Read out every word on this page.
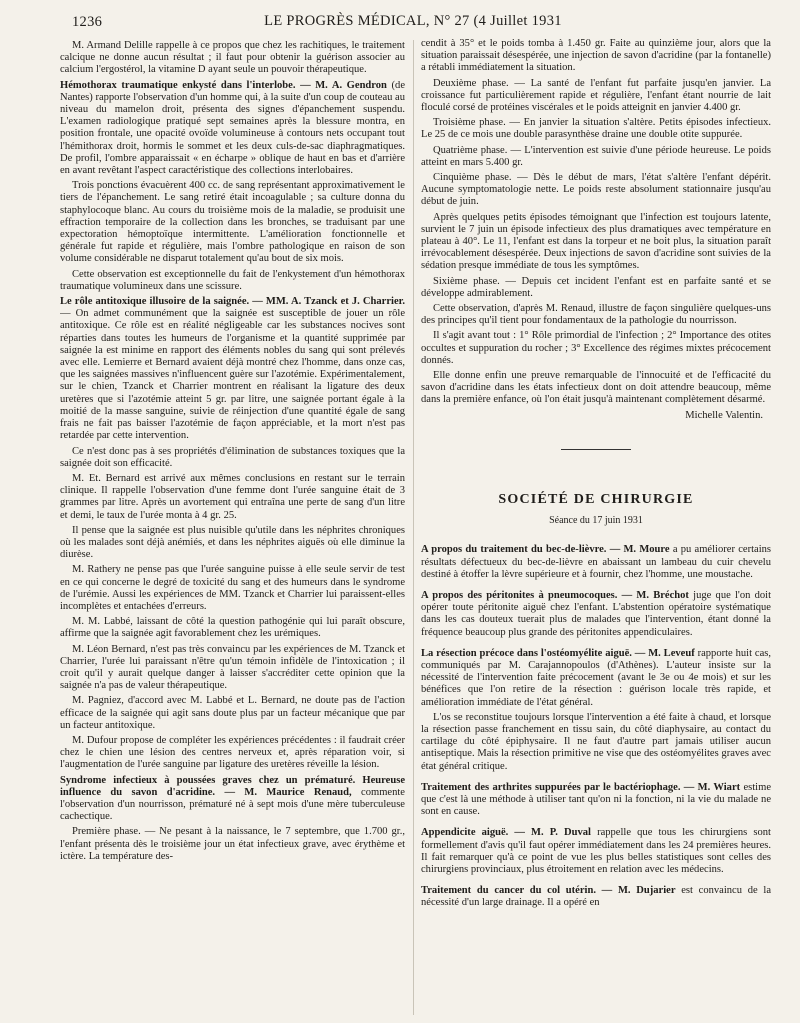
1236	LE PROGRÈS MÉDICAL, N° 27 (4 Juillet 1931

M. Armand Delille rappelle à ce propos que chez les rachitiques, le traitement calcique ne donne aucun résultat ; il faut pour obtenir la guérison associer au calcium l'ergostérol, la vitamine D ayant seule un pouvoir thérapeutique.

Hémothorax traumatique enkysté dans l'interlobe. — M. A. Gendron (de Nantes) rapporte l'observation d'un homme qui, à la suite d'un coup de couteau au niveau du mamelon droit, présenta des signes d'épanchement suspendu. L'examen radiologique pratiqué sept semaines après la blessure montra, en position frontale, une opacité ovoïde volumineuse à contours nets occupant tout l'hémithorax droit, hormis le sommet et les deux culs-de-sac diaphragmatiques. De profil, l'ombre apparaissait « en écharpe » oblique de haut en bas et d'arrière en avant revêtant l'aspect caractéristique des collections interlobaires.

Trois ponctions évacuèrent 400 cc. de sang représentant approximativement le tiers de l'épanchement. Le sang retiré était incoagulable ; sa culture donna du staphylocoque blanc. Au cours du troisième mois de la maladie, se produisit une effraction temporaire de la collection dans les bronches, se traduisant par une expectoration hémoptoïque intermittente. L'amélioration fonctionnelle et générale fut rapide et régulière, mais l'ombre pathologique en raison de son volume considérable ne disparut totalement qu'au bout de six mois.

Cette observation est exceptionnelle du fait de l'enkystement d'un hémothorax traumatique volumineux dans une scissure.

Le rôle antitoxique illusoire de la saignée. — MM. A. Tzanck et J. Charrier. — On admet communément que la saignée est susceptible de jouer un rôle antitoxique. Ce rôle est en réalité négligeable car les substances nocives sont réparties dans toutes les humeurs de l'organisme et la quantité supprimée par saignée la est minime en rapport des éléments nobles du sang qui sont prélevés avec elle. Lemierre et Bernard avaient déjà montré chez l'homme, dans onze cas, que les saignées massives n'influencent guère sur l'azotémie. Expérimentalement, sur le chien, Tzanck et Charrier montrent en réalisant la ligature des deux uretères que si l'azotémie atteint 5 gr. par litre, une saignée portant égale à la moitié de la masse sanguine, suivie de réinjection d'une quantité égale de sang frais ne fait pas baisser l'azotémie de façon appréciable, et la mort n'est pas retardée par cette intervention.

Ce n'est donc pas à ses propriétés d'élimination de substances toxiques que la saignée doit son efficacité.

M. Et. Bernard est arrivé aux mêmes conclusions en restant sur le terrain clinique. Il rappelle l'observation d'une femme dont l'urée sanguine était de 3 grammes par litre. Après un avortement qui entraîna une perte de sang d'un litre et demi, le taux de l'urée monta à 4 gr. 25.

Il pense que la saignée est plus nuisible qu'utile dans les néphrites chroniques où les malades sont déjà anémiés, et dans les néphrites aiguës où elle diminue la diurèse.

M. Rathery ne pense pas que l'urée sanguine puisse à elle seule servir de test en ce qui concerne le degré de toxicité du sang et des humeurs dans le syndrome de l'urémie. Aussi les expériences de MM. Tzanck et Charrier lui paraissent-elles incomplètes et entachées d'erreurs.

M. M. Labbé, laissant de côté la question pathogénie qui lui paraît obscure, affirme que la saignée agit favorablement chez les urémiques.

M. Léon Bernard, n'est pas très convaincu par les expériences de M. Tzanck et Charrier, l'urée lui paraissant n'être qu'un témoin infidèle de l'intoxication ; il croit qu'il y aurait quelque danger à laisser s'accréditer cette opinion que la saignée n'a pas de valeur thérapeutique.

M. Pagniez, d'accord avec M. Labbé et L. Bernard, ne doute pas de l'action efficace de la saignée qui agit sans doute plus par un facteur mécanique que par un facteur antitoxique.

M. Dufour propose de compléter les expériences précédentes : il faudrait créer chez le chien une lésion des centres nerveux et, après réparation voir, si l'augmentation de l'urée sanguine par ligature des uretères réveille la lésion.

Syndrome infectieux à poussées graves chez un prématuré. Heureuse influence du savon d'acridine. — M. Maurice Renaud, commente l'observation d'un nourrisson, prématuré né à sept mois d'une mère tuberculeuse cachectique.

Première phase. — Ne pesant à la naissance, le 7 septembre, que 1.700 gr., l'enfant présenta dès le troisième jour un état infectieux grave, avec érythème et ictère. La température des-

cendit à 35° et le poids tomba à 1.450 gr. Faite au quinzième jour, alors que la situation paraissait désespérée, une injection de savon d'acridine (par la fontanelle) a rétabli immédiatement la situation.

Deuxième phase. — La santé de l'enfant fut parfaite jusqu'en janvier. La croissance fut particulièrement rapide et régulière, l'enfant étant nourrie de lait floculé corsé de protéines viscérales et le poids atteignit en janvier 4.400 gr.

Troisième phase. — En janvier la situation s'altère. Petits épisodes infectieux. Le 25 de ce mois une double parasynthèse draine une double otite suppurée.

Quatrième phase. — L'intervention est suivie d'une période heureuse. Le poids atteint en mars 5.400 gr.

Cinquième phase. — Dès le début de mars, l'état s'altère l'enfant dépérit. Aucune symptomatologie nette. Le poids reste absolument stationnaire jusqu'au début de juin.

Après quelques petits épisodes témoignant que l'infection est toujours latente, survient le 7 juin un épisode infectieux des plus dramatiques avec température en plateau à 40°. Le 11, l'enfant est dans la torpeur et ne boit plus, la situation paraît irrévocablement désespérée. Deux injections de savon d'acridine sont suivies de la sédation presque immédiate de tous les symptômes.

Sixième phase. — Depuis cet incident l'enfant est en parfaite santé et se développe admirablement.

Cette observation, d'après M. Renaud, illustre de façon singulière quelques-uns des principes qu'il tient pour fondamentaux de la pathologie du nourrisson.

Il s'agit avant tout : 1° Rôle primordial de l'infection ; 2° Importance des otites occultes et suppuration du rocher ; 3° Excellence des régimes mixtes précocement donnés.

Elle donne enfin une preuve remarquable de l'innocuité et de l'efficacité du savon d'acridine dans les états infectieux dont on doit attendre beaucoup, même dans la première enfance, où l'on était jusqu'à maintenant complètement désarmé.

Michelle Valentin.
SOCIÉTÉ DE CHIRURGIE
Séance du 17 juin 1931

A propos du traitement du bec-de-lièvre. — M. Moure a pu améliorer certains résultats défectueux du bec-de-lièvre en abaissant un lambeau du cuir chevelu destiné à étoffer la lèvre supérieure et à fournir, chez l'homme, une moustache.

A propos des péritonites à pneumocoques. — M. Bréchot juge que l'on doit opérer toute péritonite aiguë chez l'enfant. L'abstention opératoire systématique dans les cas douteux tuerait plus de malades que l'intervention, étant donné la fréquence beaucoup plus grande des péritonites appendiculaires.

La résection précoce dans l'ostéomyélite aiguë. — M. Leveuf rapporte huit cas, communiqués par M. Carajannopoulos (d'Athènes). L'auteur insiste sur la nécessité de l'intervention faite précocement (avant le 3e ou 4e mois) et sur les bénéfices que l'on retire de la résection : guérison locale très rapide, et amélioration immédiate de l'état général.

L'os se reconstitue toujours lorsque l'intervention a été faite à chaud, et lorsque la résection passe franchement en tissu sain, du côté diaphysaire, au contact du cartilage du côté épiphysaire. Il ne faut d'autre part jamais utiliser aucun antiseptique. Mais la résection primitive ne vise que des ostéomyélites graves avec état général critique.

Traitement des arthrites suppurées par le bactériophage. — M. Wiart estime que c'est là une méthode à utiliser tant qu'on ni la fonction, ni la vie du malade ne sont en cause.

Appendicite aiguë. — M. P. Duval rappelle que tous les chirurgiens sont formellement d'avis qu'il faut opérer immédiatement dans les 24 premières heures. Il fait remarquer qu'à ce point de vue les plus belles statistiques sont celles des chirurgiens provinciaux, plus étroitement en relation avec les médecins.

Traitement du cancer du col utérin. — M. Dujarier est convaincu de la nécessité d'un large drainage. Il a opéré en
